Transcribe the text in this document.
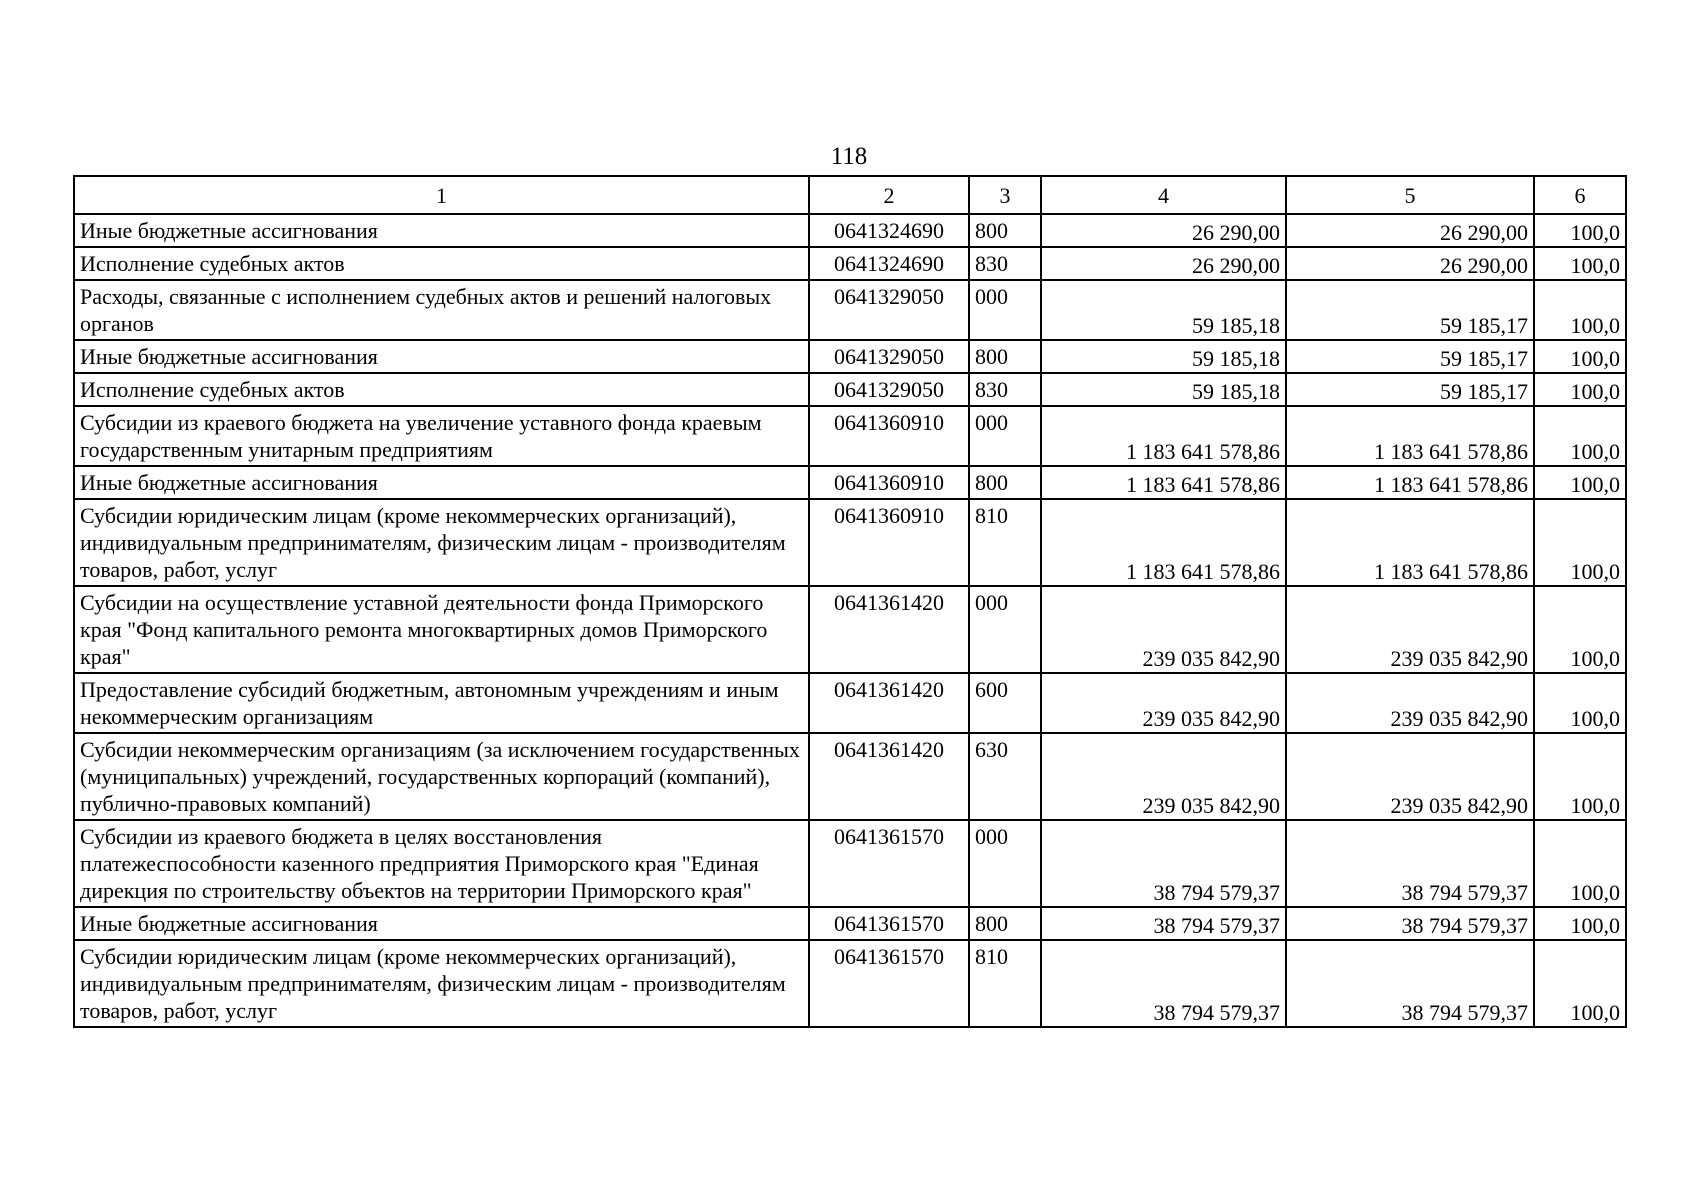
118
1	2	3	4	5	6
Иные бюджетные ассигнования	0641324690	800	26 290,00	26 290,00	100,0
Исполнение судебных актов	0641324690	830	26 290,00	26 290,00	100,0
Расходы, связанные с исполнением судебных актов и решений налоговых органов	0641329050	000	59 185,18	59 185,17	100,0
Иные бюджетные ассигнования	0641329050	800	59 185,18	59 185,17	100,0
Исполнение судебных актов	0641329050	830	59 185,18	59 185,17	100,0
Субсидии из краевого бюджета на увеличение уставного фонда краевым государственным унитарным предприятиям	0641360910	000	1 183 641 578,86	1 183 641 578,86	100,0
Иные бюджетные ассигнования	0641360910	800	1 183 641 578,86	1 183 641 578,86	100,0
Субсидии юридическим лицам (кроме некоммерческих организаций), индивидуальным предпринимателям, физическим лицам - производителям товаров, работ, услуг	0641360910	810	1 183 641 578,86	1 183 641 578,86	100,0
Субсидии на осуществление уставной деятельности фонда Приморского края "Фонд капитального ремонта многоквартирных домов Приморского края"	0641361420	000	239 035 842,90	239 035 842,90	100,0
Предоставление субсидий бюджетным, автономным учреждениям и иным некоммерческим организациям	0641361420	600	239 035 842,90	239 035 842,90	100,0
Субсидии некоммерческим организациям (за исключением государственных (муниципальных) учреждений, государственных корпораций (компаний), публично-правовых компаний)	0641361420	630	239 035 842,90	239 035 842,90	100,0
Субсидии из краевого бюджета в целях восстановления платежеспособности казенного предприятия Приморского края "Единая дирекция по строительству объектов на территории Приморского края"	0641361570	000	38 794 579,37	38 794 579,37	100,0
Иные бюджетные ассигнования	0641361570	800	38 794 579,37	38 794 579,37	100,0
Субсидии юридическим лицам (кроме некоммерческих организаций), индивидуальным предпринимателям, физическим лицам - производителям товаров, работ, услуг	0641361570	810	38 794 579,37	38 794 579,37	100,0
